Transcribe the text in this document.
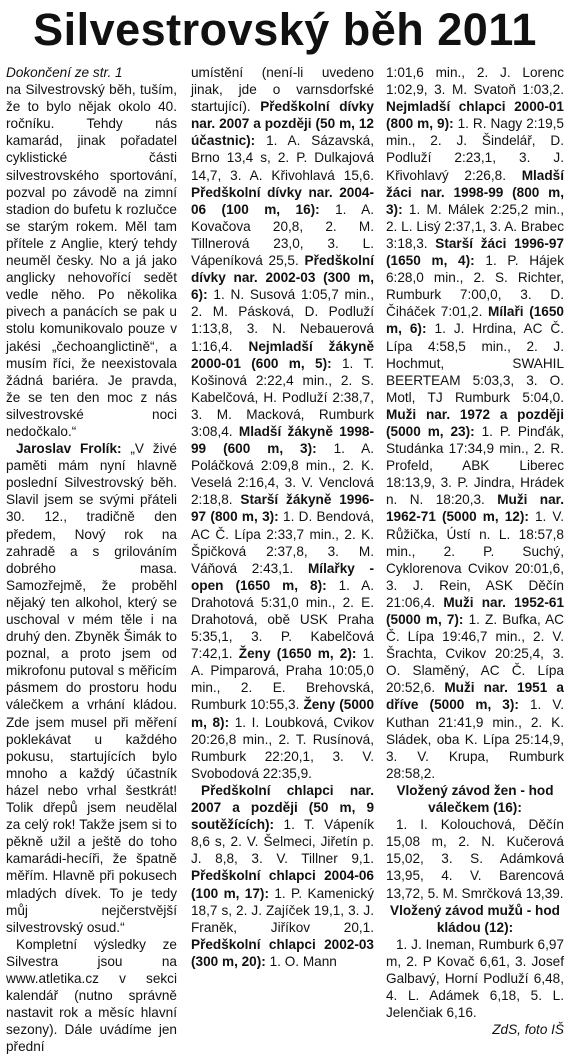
Silvestrovský běh 2011

Dokončení ze str. 1

na Silvestrovský běh, tuším, že to bylo nějak okolo 40. ročníku. Tehdy nás kamarád, jinak pořadatel cyklistické části silvestrovského sportování, pozval po závodě na zimní stadion do bufetu k rozlučce se starým rokem. Měl tam přítele z Anglie, který tehdy neuměl česky. No a já jako anglicky nehovořící sedět vedle něho. Po několika pivech a panácích se pak u stolu komunikovalo pouze v jakési „čechoanglictině“, a musím říci, že neexistovala žádná bariéra. Je pravda, že se ten den moc z nás silvestrovské noci nedočkalo.“

Jaroslav Frolík: „V živé paměti mám nyní hlavně poslední Silvestrovský běh. Slavil jsem se svými přáteli 30. 12., tradičně den předem, Nový rok na zahradě a s grilováním dobrého masa. Samozřejmě, že proběhl nějaký ten alkohol, který se uschoval v mém těle i na druhý den. Zbyněk Šimák to poznal, a proto jsem od mikrofonu putoval s měřicím pásmem do prostoru hodu válečkem a vrhání kládou. Zde jsem musel při měření poklekávat u každého pokusu, startujících bylo mnoho a každý účastník házel nebo vrhal šestkrát! Tolik dřepů jsem neudělal za celý rok! Takže jsem si to pěkně užil a ještě do toho kamarádi-hecíři, že špatně měřím. Hlavně při pokusech mladých dívek. To je tedy můj nejčerstvější silvestrovský osud.“

Kompletní výsledky ze Silvestra jsou na www.atletika.cz v sekci kalendář (nutno správně nastavit rok a měsíc hlavní sezony). Dále uvádíme jen přední

umístění (není-li uvedeno jinak, jde o varnsdorfské startující). Předškolní dívky nar. 2007 a později (50 m, 12 účastnic): 1. A. Sázavská, Brno 13,4 s, 2. P. Dulkajová 14,7, 3. A. Křivohlavá 15,6. Předškolní dívky nar. 2004-06 (100 m, 16): 1. A. Kovačova 20,8, 2. M. Tillnerová 23,0, 3. L. Vápeníková 25,5. Předškolní dívky nar. 2002-03 (300 m, 6): 1. N. Susová 1:05,7 min., 2. M. Pásková, D. Podluží 1:13,8, 3. N. Nebauerová 1:16,4. Nejmladší žákyně 2000-01 (600 m, 5): 1. T. Košinová 2:22,4 min., 2. S. Kabelčová, H. Podluží 2:38,7, 3. M. Macková, Rumburk 3:08,4. Mladší žákyně 1998-99 (600 m, 3): 1. A. Poláčková 2:09,8 min., 2. K. Veselá 2:16,4, 3. V. Venclová 2:18,8. Starší žákyně 1996-97 (800 m, 3): 1. D. Bendová, AC Č. Lípa 2:33,7 min., 2. K. Špičková 2:37,8, 3. M. Váňová 2:43,1. Mílařky - open (1650 m, 8): 1. A. Drahotová 5:31,0 min., 2. E. Drahotová, obě USK Praha 5:35,1, 3. P. Kabelčová 7:42,1. Ženy (1650 m, 2): 1. A. Pimparová, Praha 10:05,0 min., 2. E. Brehovská, Rumburk 10:55,3. Ženy (5000 m, 8): 1. I. Loubková, Cvikov 20:26,8 min., 2. T. Rusínová, Rumburk 22:20,1, 3. V. Svobodová 22:35,9.

Předškolní chlapci nar. 2007 a později (50 m, 9 soutěžících): 1. T. Vápeník 8,6 s, 2. V. Šelmeci, Jiřetín p. J. 8,8, 3. V. Tillner 9,1. Předškolní chlapci 2004-06 (100 m, 17): 1. P. Kamenický 18,7 s, 2. J. Zajíček 19,1, 3. J. Franěk, Jiříkov 20,1. Předškolní chlapci 2002-03 (300 m, 20): 1. O. Mann

1:01,6 min., 2. J. Lorenc 1:02,9, 3. M. Svatoň 1:03,2. Nejmladší chlapci 2000-01 (800 m, 9): 1. R. Nagy 2:19,5 min., 2. J. Šindelář, D. Podluží 2:23,1, 3. J. Křivohlavý 2:26,8. Mladší žáci nar. 1998-99 (800 m, 3): 1. M. Málek 2:25,2 min., 2. L. Lisý 2:37,1, 3. A. Brabec 3:18,3. Starší žáci 1996-97 (1650 m, 4): 1. P. Hájek 6:28,0 min., 2. S. Richter, Rumburk 7:00,0, 3. D. Čiháček 7:01,2. Mílaři (1650 m, 6): 1. J. Hrdina, AC Č. Lípa 4:58,5 min., 2. J. Hochmut, SWAHIL BEERTEAM 5:03,3, 3. O. Motl, TJ Rumburk 5:04,0. Muži nar. 1972 a později (5000 m, 23): 1. P. Pinďák, Studánka 17:34,9 min., 2. R. Profeld, ABK Liberec 18:13,9, 3. P. Jindra, Hrádek n. N. 18:20,3. Muži nar. 1962-71 (5000 m, 12): 1. V. Růžička, Ústí n. L. 18:57,8 min., 2. P. Suchý, Cyklorenova Cvikov 20:01,6, 3. J. Rein, ASK Děčín 21:06,4. Muži nar. 1952-61 (5000 m, 7): 1. Z. Bufka, AC Č. Lípa 19:46,7 min., 2. V. Šrachta, Cvikov 20:25,4, 3. O. Slaměný, AC Č. Lípa 20:52,6. Muži nar. 1951 a dříve (5000 m, 3): 1. V. Kuthan 21:41,9 min., 2. K. Sládek, oba K. Lípa 25:14,9, 3. V. Krupa, Rumburk 28:58,2.

Vložený závod žen - hod válečkem (16):

1. I. Kolouchová, Děčín 15,08 m, 2. N. Kučerová 15,02, 3. S. Adámková 13,95, 4. V. Barencová 13,72, 5. M. Smrčková 13,39.

Vložený závod mužů - hod kládou (12):

1. J. Ineman, Rumburk 6,97 m, 2. P Kovač 6,61, 3. Josef Galbavý, Horní Podluží 6,48, 4. L. Adámek 6,18, 5. L. Jelenčiak 6,16.

ZdS, foto IŠ
